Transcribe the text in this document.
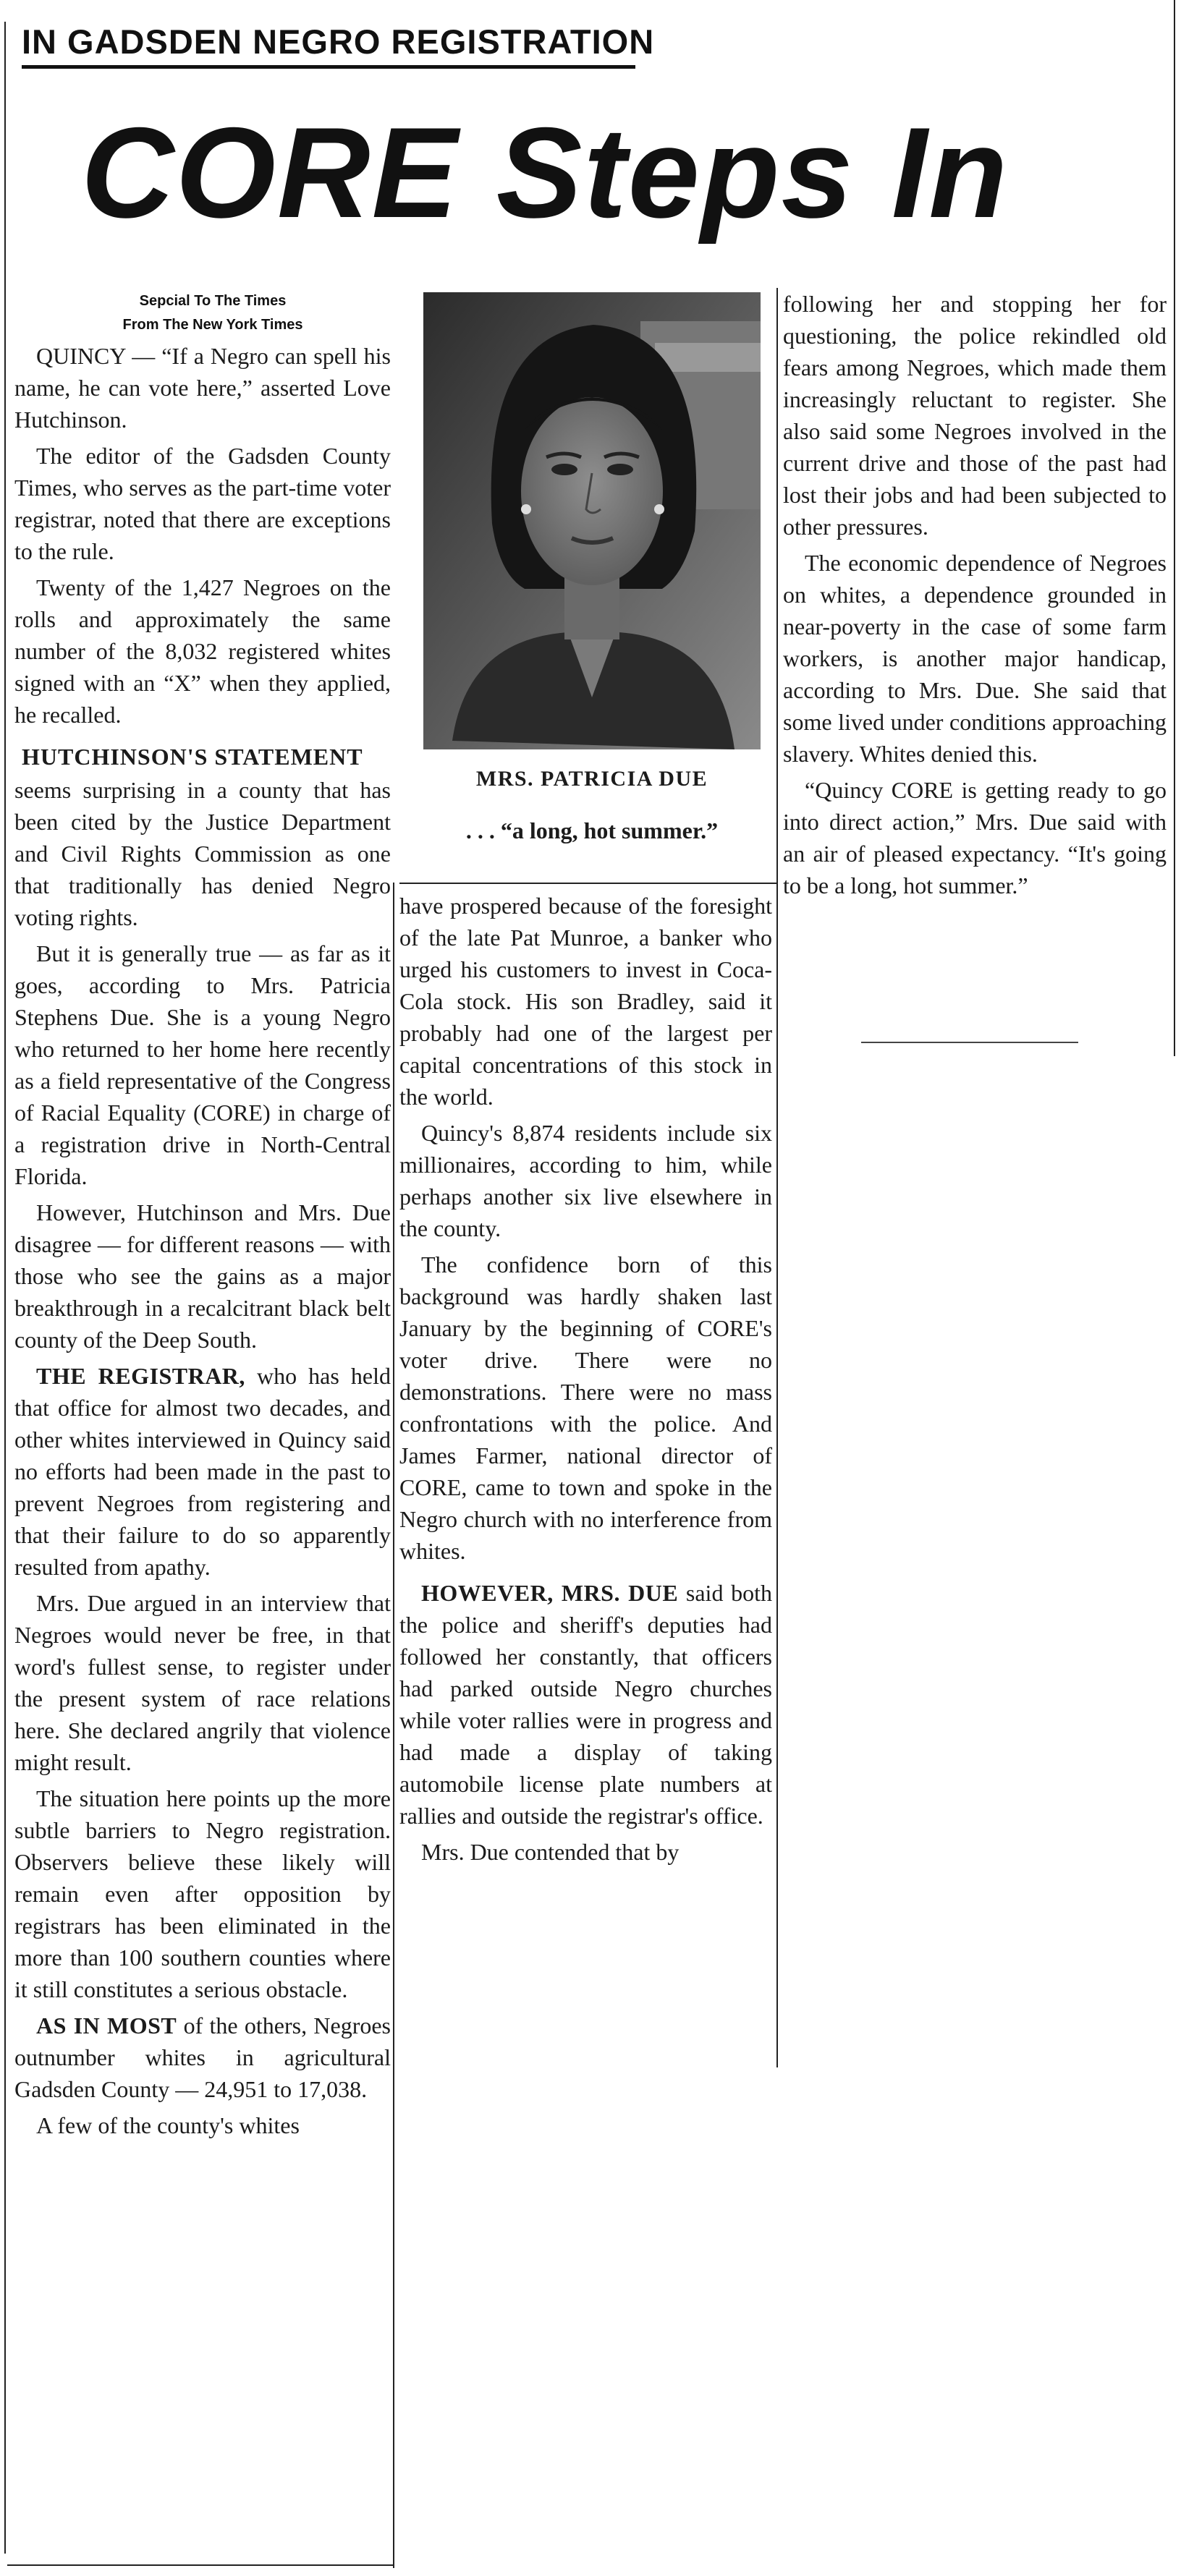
IN GADSDEN NEGRO REGISTRATION
CORE Steps In
Sepcial To The Times
From The New York Times

QUINCY — “If a Negro can spell his name, he can vote here,” asserted Love Hutchinson.

The editor of the Gadsden County Times, who serves as the part-time voter registrar, noted that there are exceptions to the rule.

Twenty of the 1,427 Negroes on the rolls and approximately the same number of the 8,032 registered whites signed with an “X” when they applied, he recalled.

HUTCHINSON'S STATEMENT

seems surprising in a county that has been cited by the Justice Department and Civil Rights Commission as one that traditionally has denied Negro voting rights.

But it is generally true — as far as it goes, according to Mrs. Patricia Stephens Due. She is a young Negro who returned to her home here recently as a field representative of the Congress of Racial Equality (CORE) in charge of a registration drive in North-Central Florida.

However, Hutchinson and Mrs. Due disagree — for different reasons — with those who see the gains as a major breakthrough in a recalcitrant black belt county of the Deep South.

THE REGISTRAR, who has held that office for almost two decades, and other whites interviewed in Quincy said no efforts had been made in the past to prevent Negroes from registering and that their failure to do so apparently resulted from apathy.

Mrs. Due argued in an interview that Negroes would never be free, in that word's fullest sense, to register under the present system of race relations here. She declared angrily that violence might result.

The situation here points up the more subtle barriers to Negro registration. Observers believe these likely will remain even after opposition by registrars has been eliminated in the more than 100 southern counties where it still constitutes a serious obstacle.

AS IN MOST of the others, Negroes outnumber whites in agricultural Gadsden County — 24,951 to 17,038.

A few of the county's whites

MRS. PATRICIA DUE
. . . “a long, hot summer.”

have prospered because of the foresight of the late Pat Munroe, a banker who urged his customers to invest in Coca-Cola stock. His son Bradley, said it probably had one of the largest per capital concentrations of this stock in the world.

Quincy's 8,874 residents include six millionaires, according to him, while perhaps another six live elsewhere in the county.

The confidence born of this background was hardly shaken last January by the beginning of CORE's voter drive. There were no demonstrations. There were no mass confrontations with the police. And James Farmer, national director of CORE, came to town and spoke in the Negro church with no interference from whites.

HOWEVER, MRS. DUE said both the police and sheriff's deputies had followed her constantly, that officers had parked outside Negro churches while voter rallies were in progress and had made a display of taking automobile license plate numbers at rallies and outside the registrar's office.

Mrs. Due contended that by

following her and stopping her for questioning, the police rekindled old fears among Negroes, which made them increasingly reluctant to register. She also said some Negroes involved in the current drive and those of the past had lost their jobs and had been subjected to other pressures.

The economic dependence of Negroes on whites, a dependence grounded in near-poverty in the case of some farm workers, is another major handicap, according to Mrs. Due. She said that some lived under conditions approaching slavery. Whites denied this.

“Quincy CORE is getting ready to go into direct action,” Mrs. Due said with an air of pleased expectancy. “It's going to be a long, hot summer.”
